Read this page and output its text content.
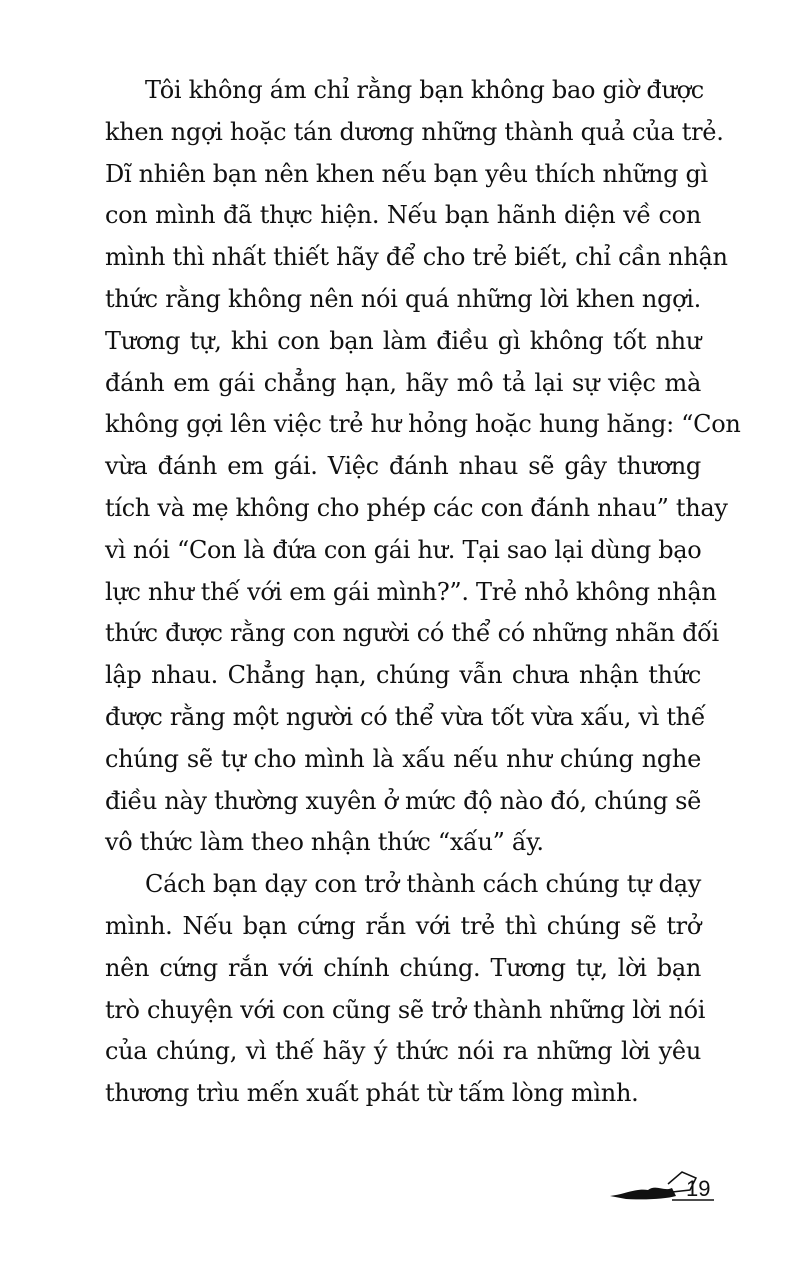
Tôi không ám chỉ rằng bạn không bao giờ được
khen ngợi hoặc tán dương những thành quả của trẻ.
Dĩ nhiên bạn nên khen nếu bạn yêu thích những gì
con mình đã thực hiện. Nếu bạn hãnh diện về con
mình thì nhất thiết hãy để cho trẻ biết, chỉ cần nhận
thức rằng không nên nói quá những lời khen ngợi.
Tương tự, khi con bạn làm điều gì không tốt như
đánh em gái chẳng hạn, hãy mô tả lại sự việc mà
không gợi lên việc trẻ hư hỏng hoặc hung hăng: “Con
vừa đánh em gái. Việc đánh nhau sẽ gây thương
tích và mẹ không cho phép các con đánh nhau” thay
vì nói “Con là đứa con gái hư. Tại sao lại dùng bạo
lực như thế với em gái mình?”. Trẻ nhỏ không nhận
thức được rằng con người có thể có những nhãn đối
lập nhau. Chẳng hạn, chúng vẫn chưa nhận thức
được rằng một người có thể vừa tốt vừa xấu, vì thế
chúng sẽ tự cho mình là xấu nếu như chúng nghe
điều này thường xuyên ở mức độ nào đó, chúng sẽ
vô thức làm theo nhận thức “xấu” ấy.
Cách bạn dạy con trở thành cách chúng tự dạy
mình. Nếu bạn cứng rắn với trẻ thì chúng sẽ trở
nên cứng rắn với chính chúng. Tương tự, lời bạn
trò chuyện với con cũng sẽ trở thành những lời nói
của chúng, vì thế hãy ý thức nói ra những lời yêu
thương trìu mến xuất phát từ tấm lòng mình.
19
